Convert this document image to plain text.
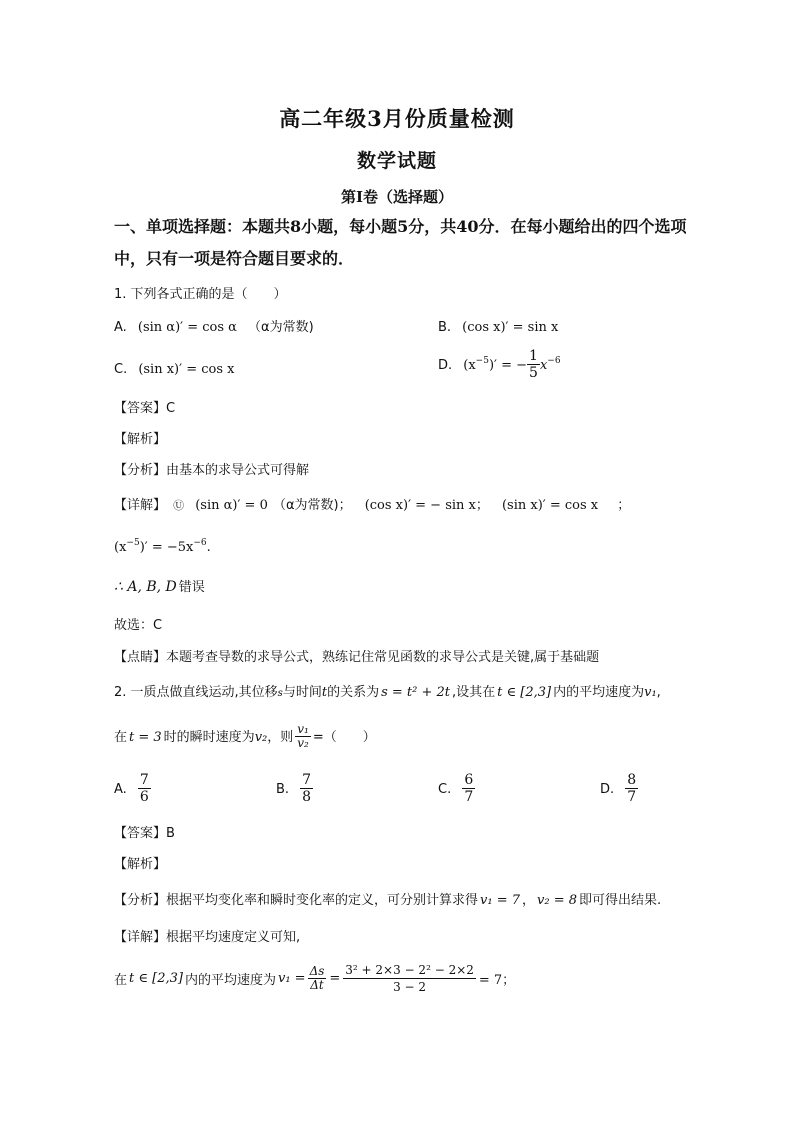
高二年级3月份质量检测
数学试题
第I卷（选择题）
一、单项选择题：本题共8小题，每小题5分，共40分．在每小题给出的四个选项
中，只有一项是符合题目要求的．
1. 下列各式正确的是（　　）
A. (sin α)′ = cos α （α为常数)	B. (cos x)′ = sin x
C. (sin x)′ = cos x	D. $(x^{-5})'$ = − $\frac{1}{5} x^{-6}$
【答案】C
【解析】
【分析】由基本的求导公式可得解
【详解】 Ⓤ (sin α)′ = 0 （α为常数)； (cos x)′ = − sin x； (sin x)′ = cos x ；
$(x^{-5})' = -5x^{-6}$.
∴ A, B, D 错误
故选：C
【点睛】本题考查导数的求导公式，熟练记住常见函数的求导公式是关键,属于基础题
2. 一质点做直线运动,其位移s与时间t的关系为 s = t² + 2t ,设其在 t ∈ [2,3] 内的平均速度为v₁,
在 t = 3 时的瞬时速度为v₂，则 $\frac{\text{v₁}}{\text{v₂}}$ =（　　）
A. $\frac{7}{6}$	B. $\frac{7}{8}$	C. $\frac{6}{7}$	D. $\frac{8}{7}$
【答案】B
【解析】
【分析】根据平均变化率和瞬时变化率的定义，可分别计算求得 v₁ = 7 ， v₂ = 8 即可得出结果.
【详解】根据平均速度定义可知,
在 t ∈ [2,3] 内的平均速度为 $v_1 = \frac{\Delta s}{\Delta t} = \frac{\text{3² + 2×3 − 2² − 2×2}}{3 - 2} = 7$；
